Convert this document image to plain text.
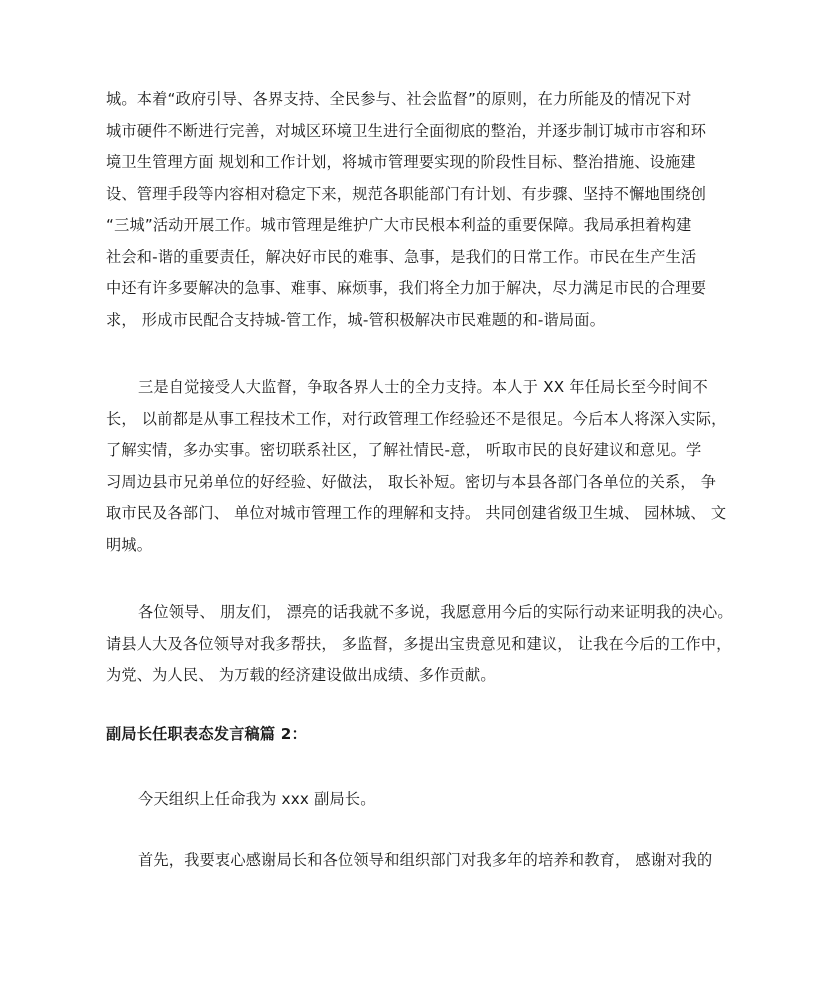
​
城。本着“政府引导、各界支持、全民参与、社会监督”的原则，在力所能及的情况下对
城市硬件不断进行完善，对城区环境卫生进行全面彻底的整治，并逐步制订城市市容和环
境卫生管理方面 规划和工作计划，将城市管理要实现的阶段性目标、整治措施、设施建
设、管理手段等内容相对稳定下来，规范各职能部门有计划、有步骤、坚持不懈地围绕创
“三城”活动开展工作。城市管理是维护广大市民根本利益的重要保障。我局承担着构建
社会和-谐的重要责任，解决好市民的难事、急事，是我们的日常工作。市民在生产生活
中还有许多要解决的急事、难事、麻烦事，我们将全力加于解决，尽力满足市民的合理要
求， 形成市民配合支持城-管工作，城-管积极解决市民难题的和-谐局面。
三是自觉接受人大监督，争取各界人士的全力支持。本人于 XX 年任局长至今时间不
长， 以前都是从事工程技术工作，对行政管理工作经验还不是很足。今后本人将深入实际，
了解实情，多办实事。密切联系社区，了解社情民-意， 听取市民的良好建议和意见。学
习周边县市兄弟单位的好经验、好做法， 取长补短。密切与本县各部门各单位的关系， 争
取市民及各部门、 单位对城市管理工作的理解和支持。 共同创建省级卫生城、 园林城、 文
明城。
各位领导、 朋友们， 漂亮的话我就不多说，我愿意用今后的实际行动来证明我的决心。
请县人大及各位领导对我多帮扶， 多监督，多提出宝贵意见和建议， 让我在今后的工作中，
为党、为人民、 为万载的经济建设做出成绩、多作贡献。
副局长任职表态发言稿篇 2：
今天组织上任命我为 xxx 副局长。
首先，我要衷心感谢局长和各位领导和组织部门对我多年的培养和教育， 感谢对我的
